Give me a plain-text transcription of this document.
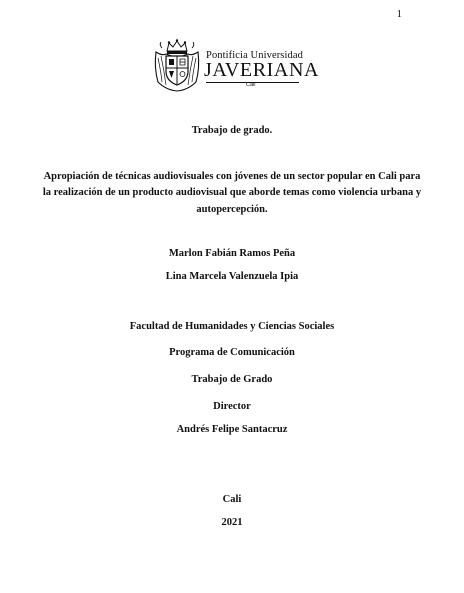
1
Pontificia Universidad
JAVERIANA
Cali
Trabajo de grado.
Apropiación de técnicas audiovisuales con jóvenes de un sector popular en Cali para
la realización de un producto audiovisual que aborde temas como violencia urbana y
autopercepción.
Marlon Fabián Ramos Peña
Lina Marcela Valenzuela Ipia
Facultad de Humanidades y Ciencias Sociales
Programa de Comunicación
Trabajo de Grado
Director
Andrés Felipe Santacruz
Cali
2021
